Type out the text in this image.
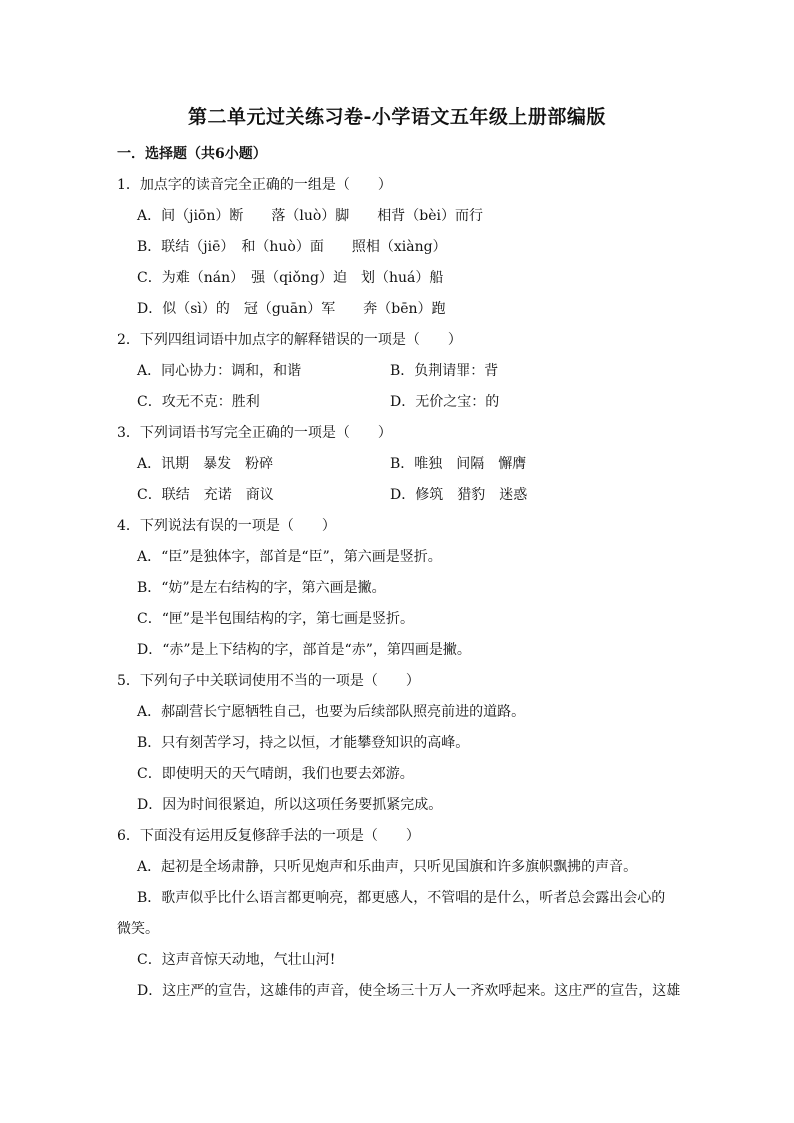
第二单元过关练习卷-小学语文五年级上册部编版
一．选择题（共6小题）
1．加点字的读音完全正确的一组是（　　）
A．间（jiōn）断　　落（luò）脚　　相背（bèi）而行
B．联结（jiē）　和（huò）面　　照相（xiàng）
C．为难（nán）　强（qiǒng）迫　划（huá）船
D．似（sì）的　冠（guān）军　　奔（bēn）跑
2．下列四组词语中加点字的解释错误的一项是（　　）
A．同心协力：调和，和谐	B．负荆请罪：背
C．攻无不克：胜利	D．无价之宝：的
3．下列词语书写完全正确的一项是（　　）
A．讯期　暴发　粉碎	B．唯独　间隔　懈膺
C．联结　充诺　商议	D．修筑　猎豹　迷惑
4．下列说法有误的一项是（　　）
A．“臣”是独体字，部首是“臣”，第六画是竖折。
B．“妨”是左右结构的字，第六画是撇。
C．“匣”是半包围结构的字，第七画是竖折。
D．“赤”是上下结构的字，部首是“赤”，第四画是撇。
5．下列句子中关联词使用不当的一项是（　　）
A．郝副营长宁愿牺牲自己，也要为后续部队照亮前进的道路。
B．只有刻苦学习，持之以恒，才能攀登知识的高峰。
C．即使明天的天气晴朗，我们也要去郊游。
D．因为时间很紧迫，所以这项任务要抓紧完成。
6．下面没有运用反复修辞手法的一项是（　　）
A．起初是全场肃静，只听见炮声和乐曲声，只听见国旗和许多旗帜飘拂的声音。
B．歌声似乎比什么语言都更响亮，都更感人，不管唱的是什么，听者总会露出会心的微笑。
C．这声音惊天动地，气壮山河!
D．这庄严的宣告，这雄伟的声音，使全场三十万人一齐欢呼起来。这庄严的宣告，这雄
